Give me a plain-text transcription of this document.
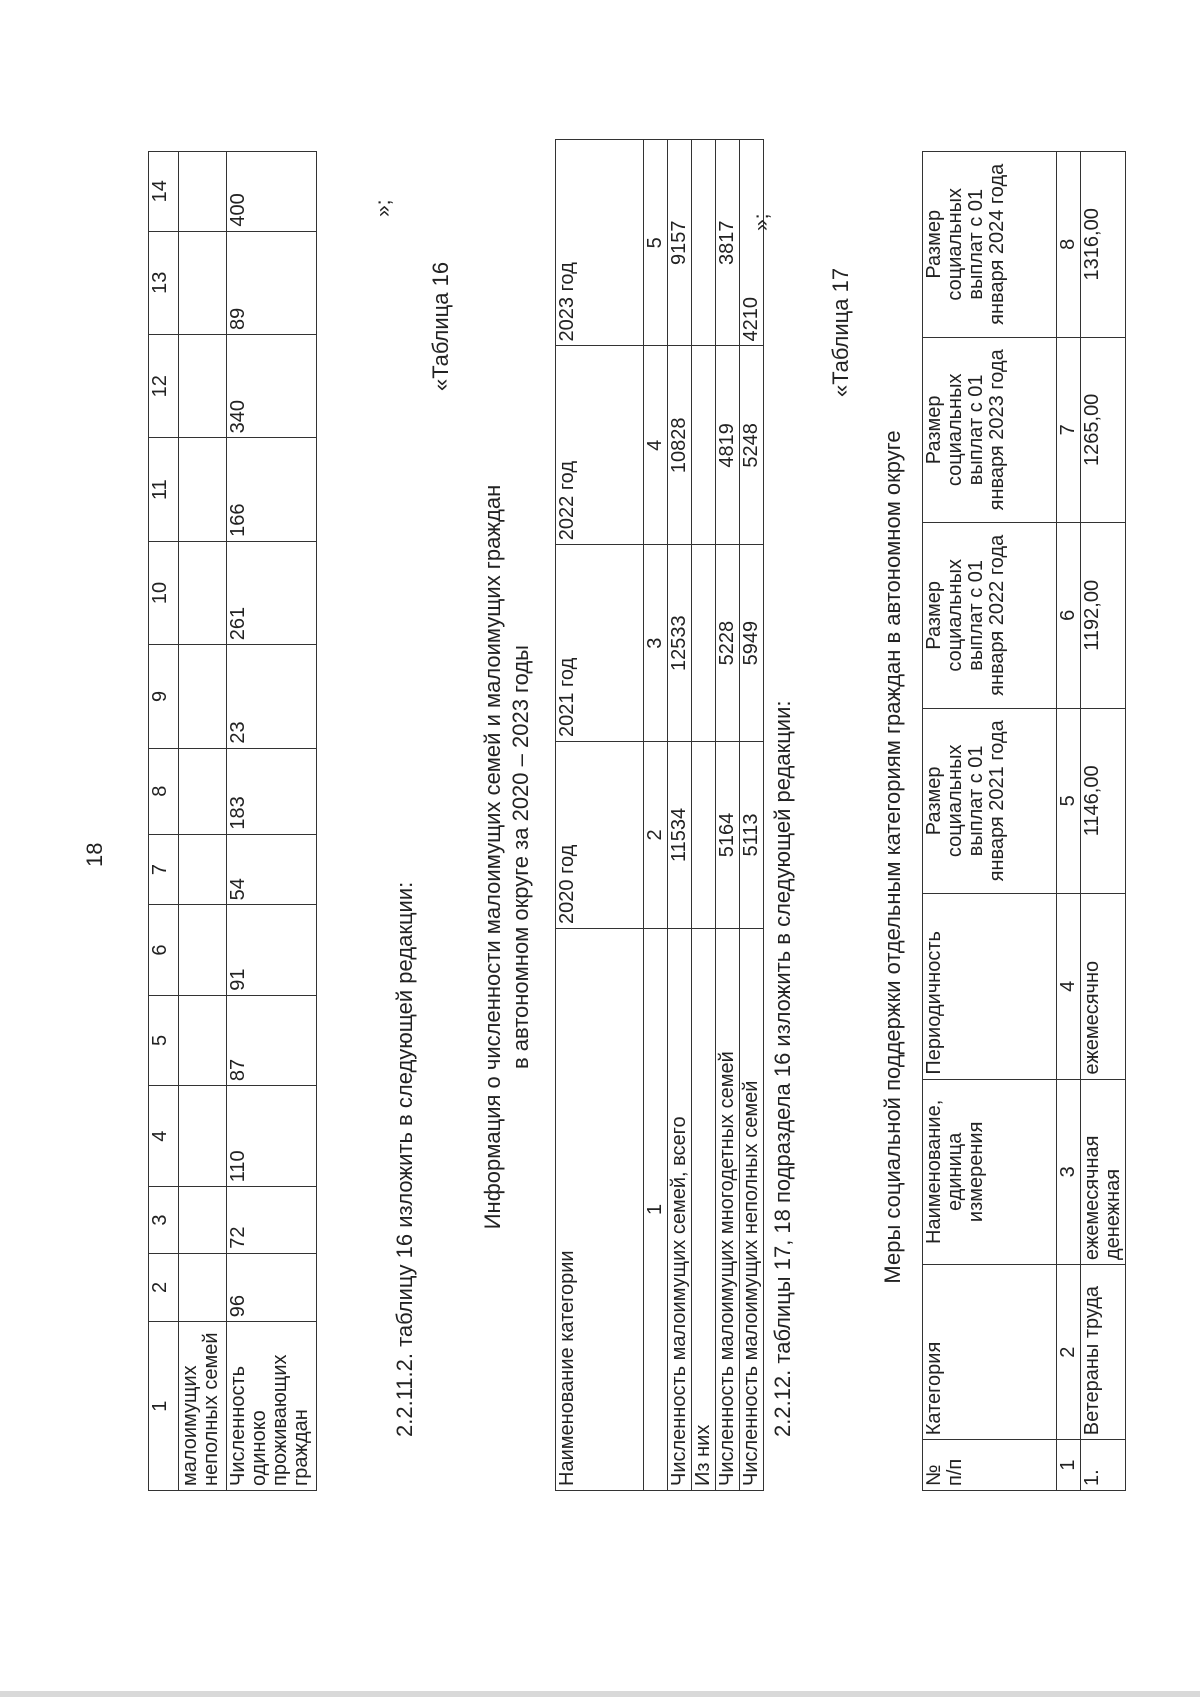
18
1	2	3	4	5	6	7	8	9	10	11	12	13	14
малоимущих неполных семей													
Численность одиноко проживающих граждан	96	72	110	87	91	54	183	23	261	166	340	89	400	»;
2.2.11.2. таблицу 16 изложить в следующей редакции:
«Таблица 16
Информация о численности малоимущих семей и малоимущих граждан в автономном округе за 2020 – 2023 годы
Наименование категории	2020 год	2021 год	2022 год	2023 год
1	2	3	4	5
Численность малоимущих семей, всего	11534	12533	10828	9157
Из них				
Численность малоимущих многодетных семей	5164	5228	4819	3817
Численность малоимущих неполных семей	5113	5949	5248	4210
»;
2.2.12. таблицы 17, 18 подраздела 16 изложить в следующей редакции:
«Таблица 17
Меры социальной поддержки отдельным категориям граждан в автономном округе
№ п/п	Категория	Наименование, единица измерения	Периодичность	Размер социальных выплат с 01 января 2021 года	Размер социальных выплат с 01 января 2022 года	Размер социальных выплат с 01 января 2023 года	Размер социальных выплат с 01 января 2024 года
1	2	3	4	5	6	7	8
1.	Ветераны труда	ежемесячная денежная	ежемесячно	1146,00	1192,00	1265,00	1316,00
